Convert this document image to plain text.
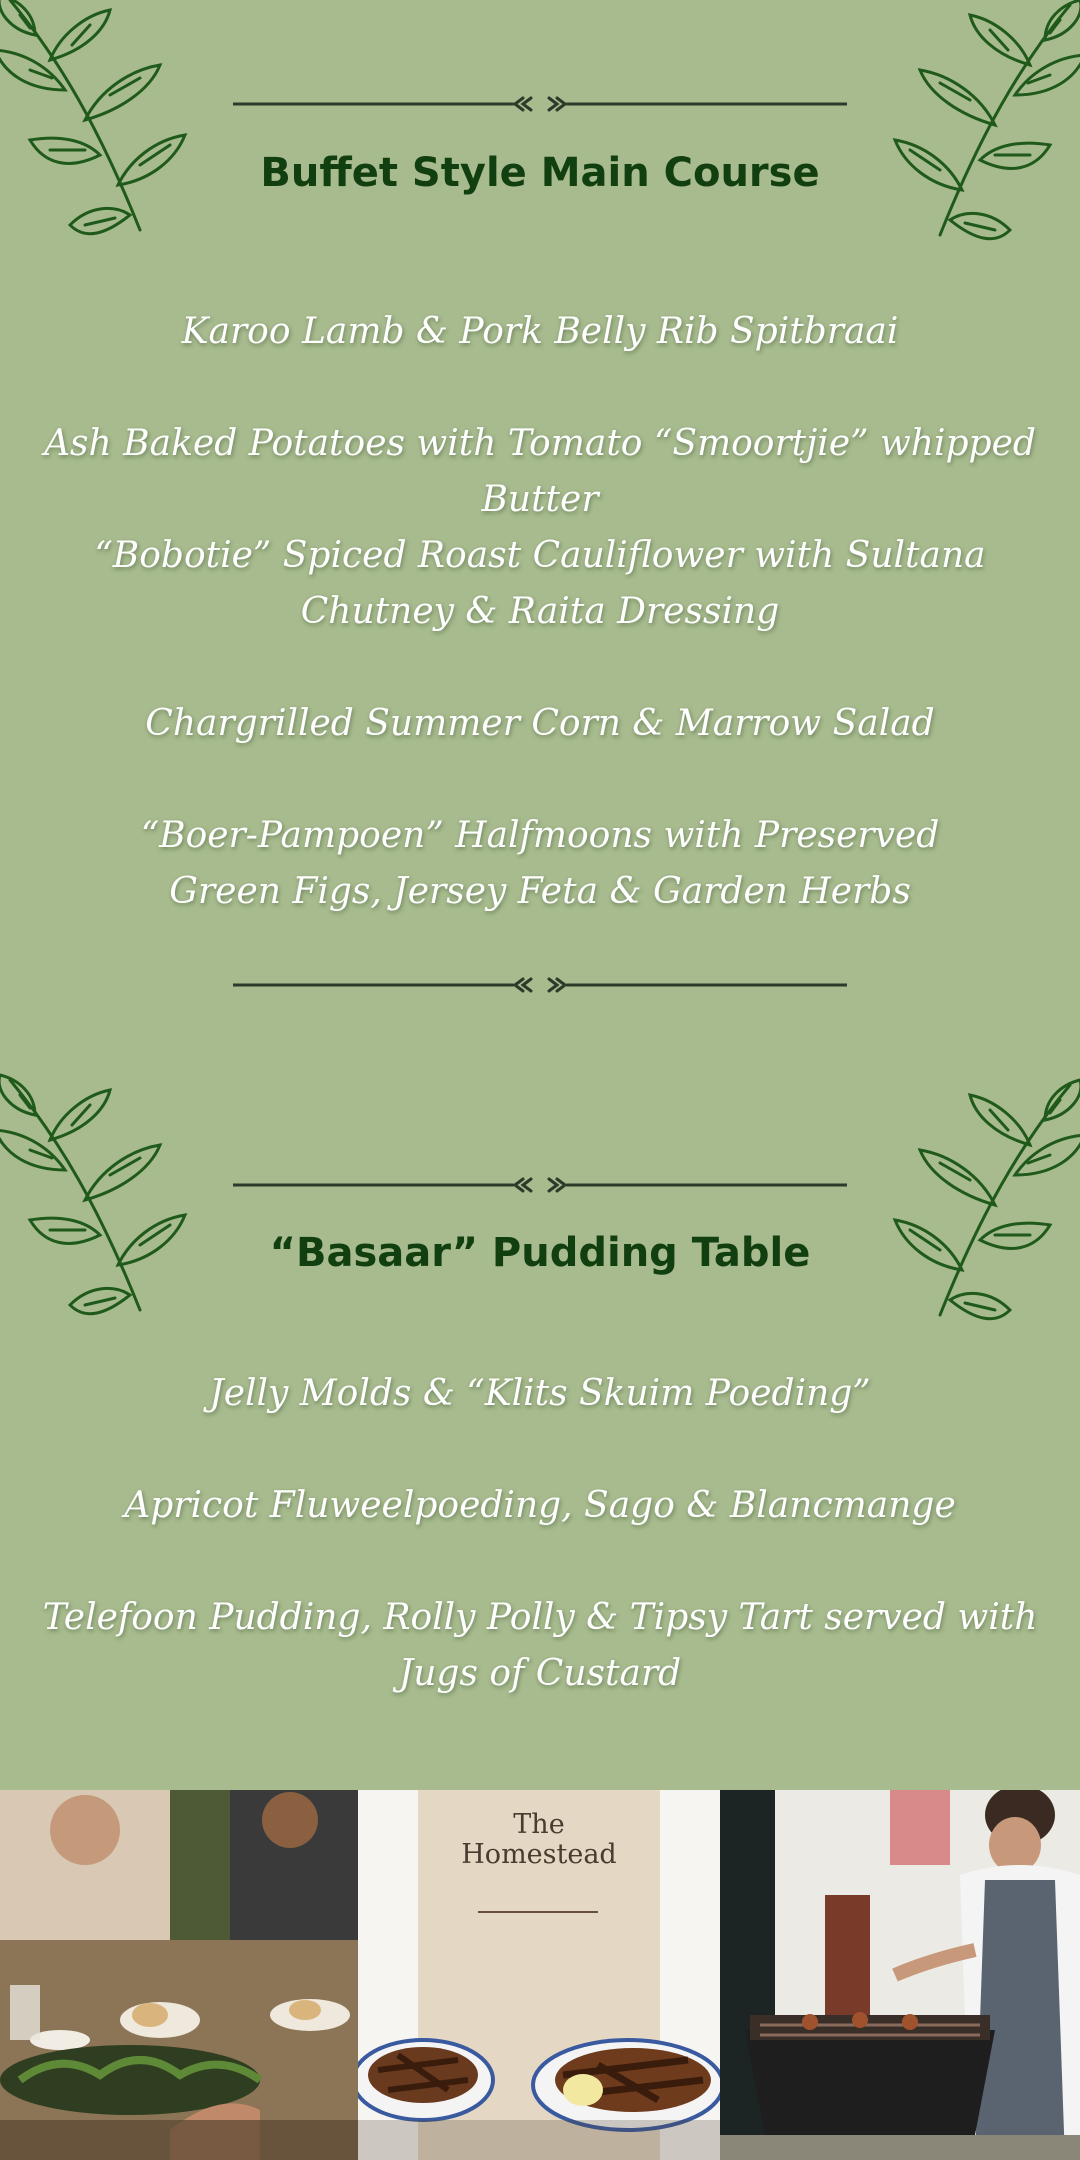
Buffet Style Main Course

Karoo Lamb & Pork Belly Rib Spitbraai

Ash Baked Potatoes with Tomato “Smoortjie” whipped Butter

“Bobotie” Spiced Roast Cauliflower with Sultana Chutney & Raita Dressing

Chargrilled Summer Corn & Marrow Salad

“Boer-Pampoen” Halfmoons with Preserved Green Figs, Jersey Feta & Garden Herbs

“Basaar” Pudding Table

Jelly Molds & “Klits Skuim Poeding”

Apricot Fluweelpoeding, Sago & Blancmange

Telefoon Pudding, Rolly Polly & Tipsy Tart served with Jugs of Custard

The
Homestead
